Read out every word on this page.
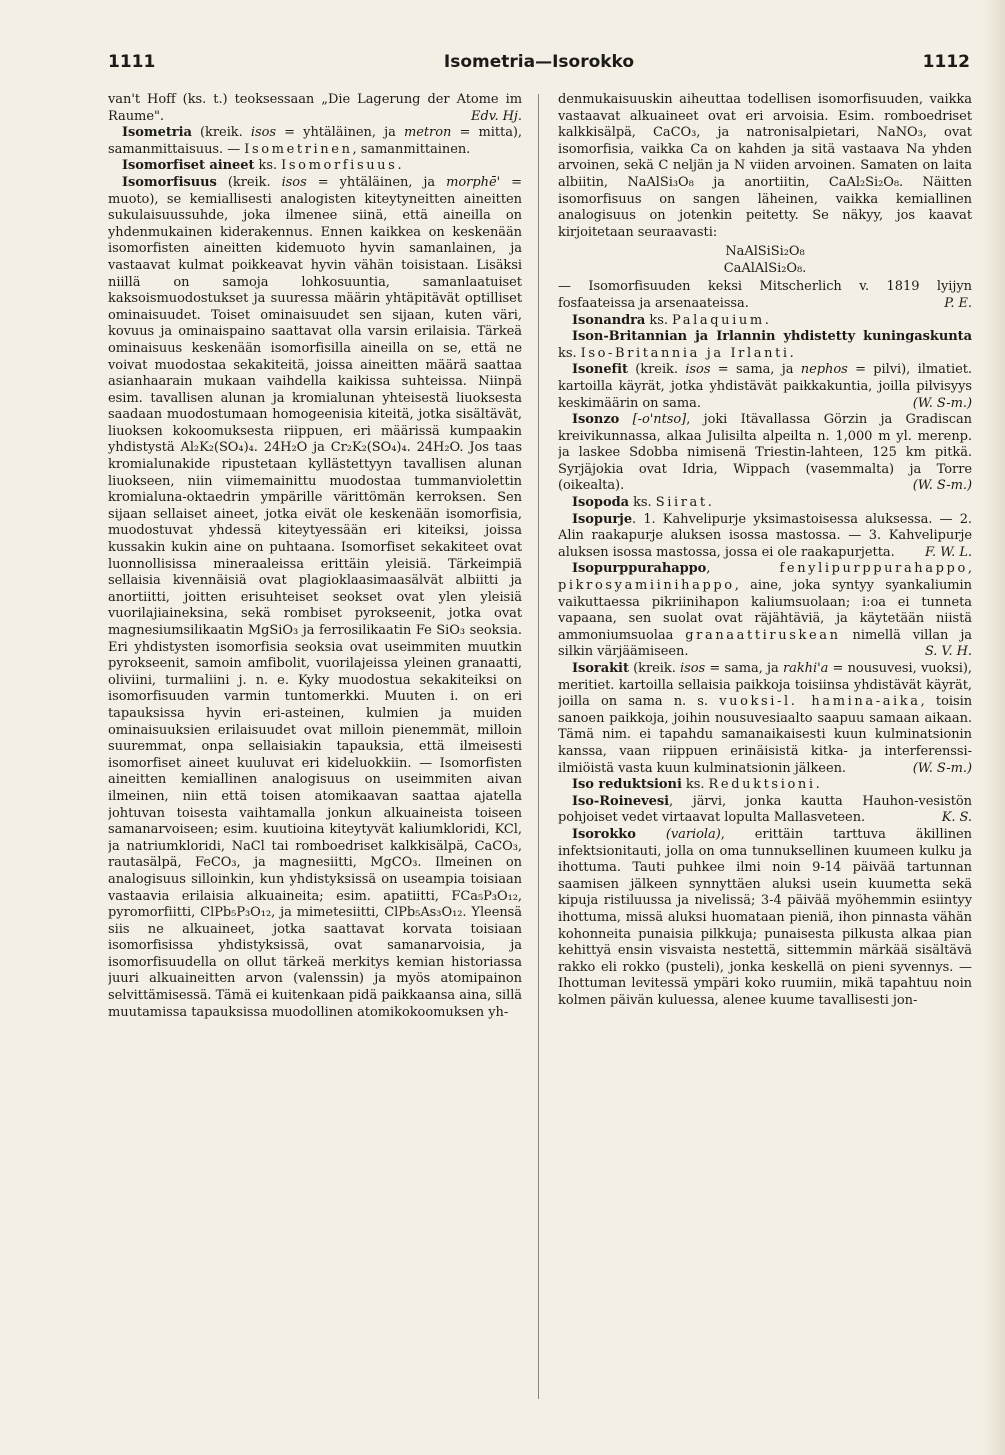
1111	Isometria—Isorokko	1112

van't Hoff (ks. t.) teoksessaan „Die Lagerung der Atome im Raume".	Edv. Hj.

Isometria (kreik. isos = yhtäläinen, ja metron = mitta), samanmittaisuus. — Isometrinen, samanmittainen.

Isomorfiset aineet ks. Isomorfisuus.

Isomorfisuus (kreik. isos = yhtäläinen, ja morphē' = muoto), se kemiallisesti analogisten kiteytyneitten aineitten sukulaisuussuhde, joka ilmenee siinä, että aineilla on yhdenmukainen kiderakennus. Ennen kaikkea on keskenään isomorfisten aineitten kidemuoto hyvin samanlainen, ja vastaavat kulmat poikkeavat hyvin vähän toisistaan. Lisäksi niillä on samoja lohkosuuntia, samanlaatuiset kaksoismuodostukset ja suuressa määrin yhtäpitävät optilliset ominaisuudet. Toiset ominaisuudet sen sijaan, kuten väri, kovuus ja ominaispaino saattavat olla varsin erilaisia. Tärkeä ominaisuus keskenään isomorfisilla aineilla on se, että ne voivat muodostaa sekakiteitä, joissa aineitten määrä saattaa asianhaarain mukaan vaihdella kaikissa suhteissa. Niinpä esim. tavallisen alunan ja kromialunan yhteisestä liuoksesta saadaan muodostumaan homogeenisia kiteitä, jotka sisältävät, liuoksen kokoomuksesta riippuen, eri määrissä kumpaakin yhdistystä Al₂K₂(SO₄)₄. 24H₂O ja Cr₂K₂(SO₄)₄. 24H₂O. Jos taas kromialunakide ripustetaan kyllästettyyn tavallisen alunan liuokseen, niin viimemainittu muodostaa tummanviolettin kromialuna-oktaedrin ympärille värittömän kerroksen. Sen sijaan sellaiset aineet, jotka eivät ole keskenään isomorfisia, muodostuvat yhdessä kiteytyessään eri kiteiksi, joissa kussakin kukin aine on puhtaana. Isomorfiset sekakiteet ovat luonnollisissa mineraaleissa erittäin yleisiä. Tärkeimpiä sellaisia kivennäisiä ovat plagioklaasimaasälvät albiitti ja anortiitti, joitten erisuhteiset seokset ovat ylen yleisiä vuorilajiaineksina, sekä rombiset pyrokseenit, jotka ovat magnesiumsilikaatin MgSiO₃ ja ferrosilikaatin Fe SiO₃ seoksia. Eri yhdistysten isomorfisia seoksia ovat useimmiten muutkin pyrokseenit, samoin amfibolit, vuorilajeissa yleinen granaatti, oliviini, turmaliini j. n. e. Kyky muodostua sekakiteiksi on isomorfisuuden varmin tuntomerkki. Muuten i. on eri tapauksissa hyvin eri-asteinen, kulmien ja muiden ominaisuuksien erilaisuudet ovat milloin pienemmät, milloin suuremmat, onpa sellaisiakin tapauksia, että ilmeisesti isomorfiset aineet kuuluvat eri kideluokkiin. — Isomorfisten aineitten kemiallinen analogisuus on useimmiten aivan ilmeinen, niin että toisen atomikaavan saattaa ajatella johtuvan toisesta vaihtamalla jonkun alkuaineista toiseen samanarvoiseen; esim. kuutioina kiteytyvät kaliumkloridi, KCl, ja natriumkloridi, NaCl tai romboedriset kalkkisälpä, CaCO₃, rautasälpä, FeCO₃, ja magnesiitti, MgCO₃. Ilmeinen on analogisuus silloinkin, kun yhdistyksissä on useampia toisiaan vastaavia erilaisia alkuaineita; esim. apatiitti, FCa₅P₃O₁₂, pyromorfiitti, ClPb₅P₃O₁₂, ja mimetesiitti, ClPb₅As₃O₁₂. Yleensä siis ne alkuaineet, jotka saattavat korvata toisiaan isomorfisissa yhdistyksissä, ovat samanarvoisia, ja isomorfisuudella on ollut tärkeä merkitys kemian historiassa juuri alkuaineitten arvon (valenssin) ja myös atomipainon selvittämisessä. Tämä ei kuitenkaan pidä paikkaansa aina, sillä muutamissa tapauksissa muodollinen atomikokoomuksen yh-

denmukaisuuskin aiheuttaa todellisen isomorfisuuden, vaikka vastaavat alkuaineet ovat eri arvoisia. Esim. romboedriset kalkkisälpä, CaCO₃, ja natronisalpietari, NaNO₃, ovat isomorfisia, vaikka Ca on kahden ja sitä vastaava Na yhden arvoinen, sekä C neljän ja N viiden arvoinen. Samaten on laita albiitin, NaAlSi₃O₈ ja anortiitin, CaAl₂Si₂O₈. Näitten isomorfisuus on sangen läheinen, vaikka kemiallinen analogisuus on jotenkin peitetty. Se näkyy, jos kaavat kirjoitetaan seuraavasti:

NaAlSiSi₂O₈
CaAlAlSi₂O₈.

— Isomorfisuuden keksi Mitscherlich v. 1819 lyijyn fosfaateissa ja arsenaateissa.	P. E.

Isonandra ks. Palaquium.

Ison-Britannian ja Irlannin yhdistetty kuningaskunta ks. Iso-Britannia ja Irlanti.

Isonefit (kreik. isos = sama, ja nephos = pilvi), ilmatiet. kartoilla käyrät, jotka yhdistävät paikkakuntia, joilla pilvisyys keskimäärin on sama.	(W. S-m.)

Isonzo [-o'ntso], joki Itävallassa Görzin ja Gradiscan kreivikunnassa, alkaa Julisilta alpeilta n. 1,000 m yl. merenp. ja laskee Sdobba nimisenä Triestin-lahteen, 125 km pitkä. Syrjäjokia ovat Idria, Wippach (vasemmalta) ja Torre (oikealta).	(W. S-m.)

Isopoda ks. Siirat.

Isopurje. 1. Kahvelipurje yksimastoisessa aluksessa. — 2. Alin raakapurje aluksen isossa mastossa. — 3. Kahvelipurje aluksen isossa mastossa, jossa ei ole raakapurjetta.	F. W. L.

Isopurppurahappo, fenylipurppurahappo, pikrosyamiinihappo, aine, joka syntyy syankaliumin vaikuttaessa pikriinihapon kaliumsuolaan; i:oa ei tunneta vapaana, sen suolat ovat räjähtäviä, ja käytetään niistä ammoniumsuolaa granaattiruskean nimellä villan ja silkin värjäämiseen.	S. V. H.

Isorakit (kreik. isos = sama, ja rakhi'a = nousuvesi, vuoksi), meritiet. kartoilla sellaisia paikkoja toisiinsa yhdistävät käyrät, joilla on sama n. s. vuoksi-l. hamina-aika, toisin sanoen paikkoja, joihin nousuvesiaalto saapuu samaan aikaan. Tämä nim. ei tapahdu samanaikaisesti kuun kulminatsionin kanssa, vaan riippuen erinäisistä kitka- ja interferenssi-ilmiöistä vasta kuun kulminatsionin jälkeen.	(W. S-m.)

Iso reduktsioni ks. Reduktsioni.

Iso-Roinevesi, järvi, jonka kautta Hauhon-vesistön pohjoiset vedet virtaavat lopulta Mallasveteen.	K. S.

Isorokko (variola), erittäin tarttuva äkillinen infektsionitauti, jolla on oma tunnuksellinen kuumeen kulku ja ihottuma. Tauti puhkee ilmi noin 9-14 päivää tartunnan saamisen jälkeen synnyttäen aluksi usein kuumetta sekä kipuja ristiluussa ja nivelissä; 3-4 päivää myöhemmin esiintyy ihottuma, missä aluksi huomataan pieniä, ihon pinnasta vähän kohonneita punaisia pilkkuja; punaisesta pilkusta alkaa pian kehittyä ensin visvaista nestettä, sittemmin märkää sisältävä rakko eli rokko (pusteli), jonka keskellä on pieni syvennys. — Ihottuman levitessä ympäri koko ruumiin, mikä tapahtuu noin kolmen päivän kuluessa, alenee kuume tavallisesti jon-
